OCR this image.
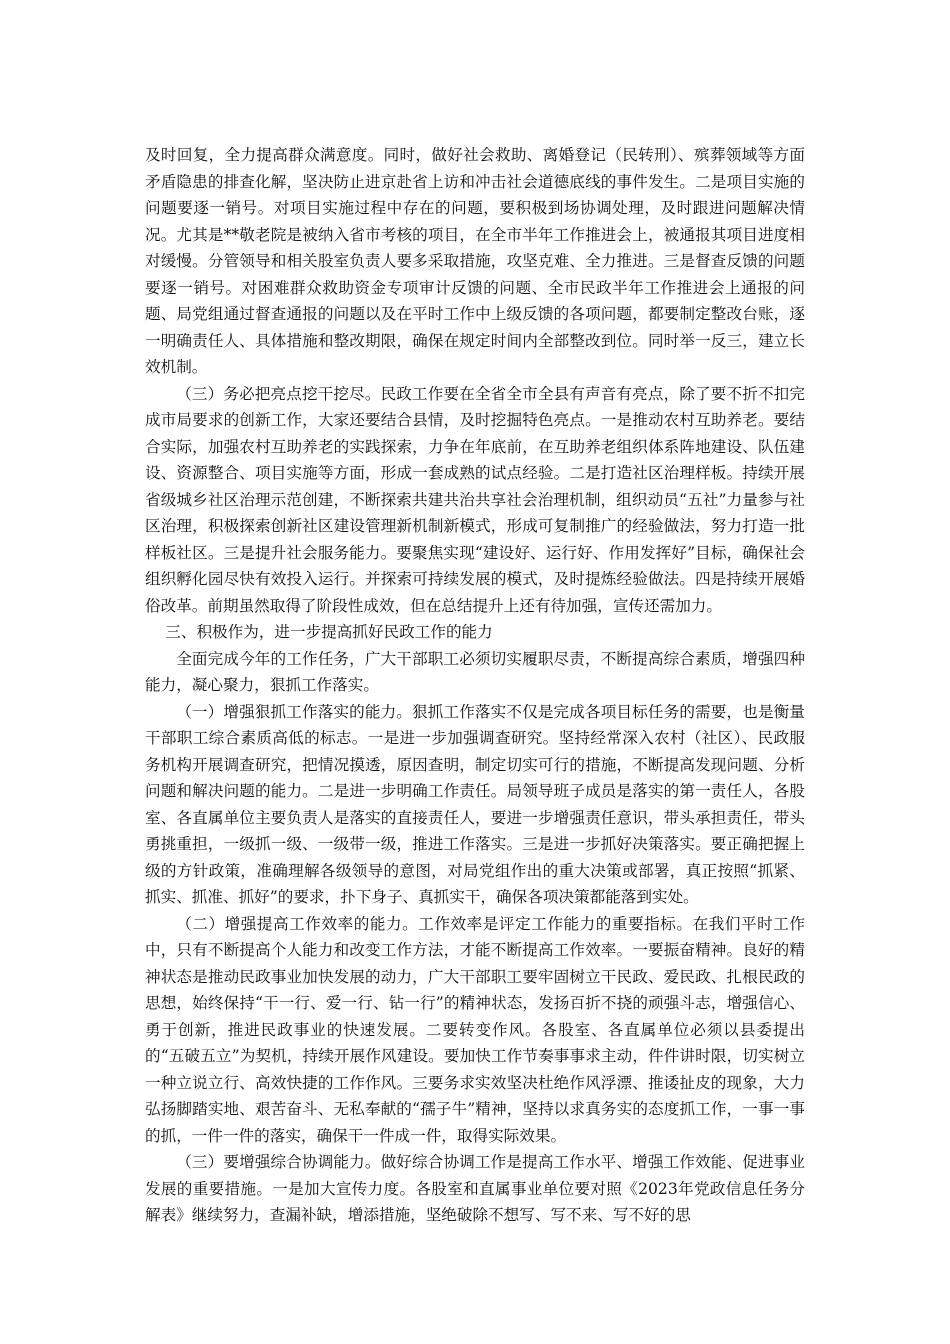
及时回复，全力提高群众满意度。同时，做好社会救助、离婚登记（民转刑）、殡葬领域等方面矛盾隐患的排查化解，坚决防止进京赴省上访和冲击社会道德底线的事件发生。二是项目实施的问题要逐一销号。对项目实施过程中存在的问题，要积极到场协调处理，及时跟进问题解决情况。尤其是**敬老院是被纳入省市考核的项目，在全市半年工作推进会上，被通报其项目进度相对缓慢。分管领导和相关股室负责人要多采取措施，攻坚克难、全力推进。三是督查反馈的问题要逐一销号。对困难群众救助资金专项审计反馈的问题、全市民政半年工作推进会上通报的问题、局党组通过督查通报的问题以及在平时工作中上级反馈的各项问题，都要制定整改台账，逐一明确责任人、具体措施和整改期限，确保在规定时间内全部整改到位。同时举一反三，建立长效机制。

（三）务必把亮点挖干挖尽。民政工作要在全省全市全县有声音有亮点，除了要不折不扣完成市局要求的创新工作，大家还要结合县情，及时挖掘特色亮点。一是推动农村互助养老。要结合实际，加强农村互助养老的实践探索，力争在年底前，在互助养老组织体系阵地建设、队伍建设、资源整合、项目实施等方面，形成一套成熟的试点经验。二是打造社区治理样板。持续开展省级城乡社区治理示范创建，不断探索共建共治共享社会治理机制，组织动员“五社”力量参与社区治理，积极探索创新社区建设管理新机制新模式，形成可复制推广的经验做法，努力打造一批样板社区。三是提升社会服务能力。要聚焦实现“建设好、运行好、作用发挥好”目标，确保社会组织孵化园尽快有效投入运行。并探索可持续发展的模式，及时提炼经验做法。四是持续开展婚俗改革。前期虽然取得了阶段性成效，但在总结提升上还有待加强，宣传还需加力。

三、积极作为，进一步提高抓好民政工作的能力

全面完成今年的工作任务，广大干部职工必须切实履职尽责，不断提高综合素质，增强四种能力，凝心聚力，狠抓工作落实。

（一）增强狠抓工作落实的能力。狠抓工作落实不仅是完成各项目标任务的需要，也是衡量干部职工综合素质高低的标志。一是进一步加强调查研究。坚持经常深入农村（社区）、民政服务机构开展调查研究，把情况摸透，原因查明，制定切实可行的措施，不断提高发现问题、分析问题和解决问题的能力。二是进一步明确工作责任。局领导班子成员是落实的第一责任人，各股室、各直属单位主要负责人是落实的直接责任人，要进一步增强责任意识，带头承担责任，带头勇挑重担，一级抓一级、一级带一级，推进工作落实。三是进一步抓好决策落实。要正确把握上级的方针政策，准确理解各级领导的意图，对局党组作出的重大决策或部署，真正按照“抓紧、抓实、抓准、抓好”的要求，扑下身子、真抓实干，确保各项决策都能落到实处。

（二）增强提高工作效率的能力。工作效率是评定工作能力的重要指标。在我们平时工作中，只有不断提高个人能力和改变工作方法，才能不断提高工作效率。一要振奋精神。良好的精神状态是推动民政事业加快发展的动力，广大干部职工要牢固树立干民政、爱民政、扎根民政的思想，始终保持“干一行、爱一行、钻一行”的精神状态，发扬百折不挠的顽强斗志，增强信心、勇于创新，推进民政事业的快速发展。二要转变作风。各股室、各直属单位必须以县委提出的“五破五立”为契机，持续开展作风建设。要加快工作节奏事事求主动，件件讲时限，切实树立一种立说立行、高效快捷的工作作风。三要务求实效坚决杜绝作风浮漂、推诿扯皮的现象，大力弘扬脚踏实地、艰苦奋斗、无私奉献的“孺子牛”精神，坚持以求真务实的态度抓工作，一事一事的抓，一件一件的落实，确保干一件成一件，取得实际效果。

（三）要增强综合协调能力。做好综合协调工作是提高工作水平、增强工作效能、促进事业发展的重要措施。一是加大宣传力度。各股室和直属事业单位要对照《2023年党政信息任务分解表》继续努力，查漏补缺，增添措施，坚绝破除不想写、写不来、写不好的思
